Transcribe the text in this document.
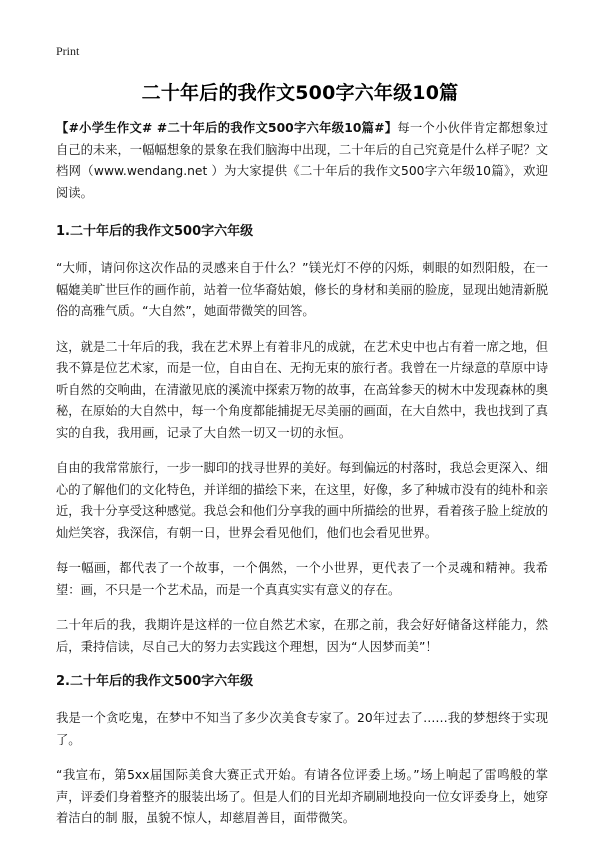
Print
二十年后的我作文500字六年级10篇

【#小学生作文# #二十年后的我作文500字六年级10篇#】每一个小伙伴肯定都想象过自己的未来，一幅幅想象的景象在我们脑海中出现，二十年后的自己究竟是什么样子呢？文档网（www.wendang.net ）为大家提供《二十年后的我作文500字六年级10篇》，欢迎阅读。

1.二十年后的我作文500字六年级

“大师，请问你这次作品的灵感来自于什么？”镁光灯不停的闪烁，刺眼的如烈阳般，在一幅媲美旷世巨作的画作前，站着一位华裔姑娘，修长的身材和美丽的脸庞，显现出她清新脱俗的高雅气质。“大自然”，她面带微笑的回答。

这，就是二十年后的我，我在艺术界上有着非凡的成就，在艺术史中也占有着一席之地，但我不算是位艺术家，而是一位，自由自在、无拘无束的旅行者。我曾在一片绿意的草原中诗听自然的交响曲，在清澈见底的溪流中探索万物的故事，在高耸参天的树木中发现森林的奥秘，在原始的大自然中，每一个角度都能捕捉无尽美丽的画面，在大自然中，我也找到了真实的自我，我用画，记录了大自然一切又一切的永恒。

自由的我常常旅行，一步一脚印的找寻世界的美好。每到偏远的村落时，我总会更深入、细心的了解他们的文化特色，并详细的描绘下来，在这里，好像，多了种城市没有的纯朴和亲近，我十分享受这种感觉。我总会和他们分享我的画中所描绘的世界，看着孩子脸上绽放的灿烂笑容，我深信，有朝一日，世界会看见他们，他们也会看见世界。

每一幅画，都代表了一个故事，一个偶然，一个小世界，更代表了一个灵魂和精神。我希望：画，不只是一个艺术品，而是一个真真实实有意义的存在。

二十年后的我，我期许是这样的一位自然艺术家，在那之前，我会好好储备这样能力，然后，秉持信读，尽自己大的努力去实践这个理想，因为“人因梦而美”！

2.二十年后的我作文500字六年级

我是一个贪吃鬼，在梦中不知当了多少次美食专家了。20年过去了……我的梦想终于实现了。

“我宣布，第5xx届国际美食大赛正式开始。有请各位评委上场。”场上响起了雷鸣般的掌声，评委们身着整齐的服装出场了。但是人们的目光却齐刷刷地投向一位女评委身上，她穿着洁白的制 服，虽貌不惊人，却慈眉善目，面带微笑。
